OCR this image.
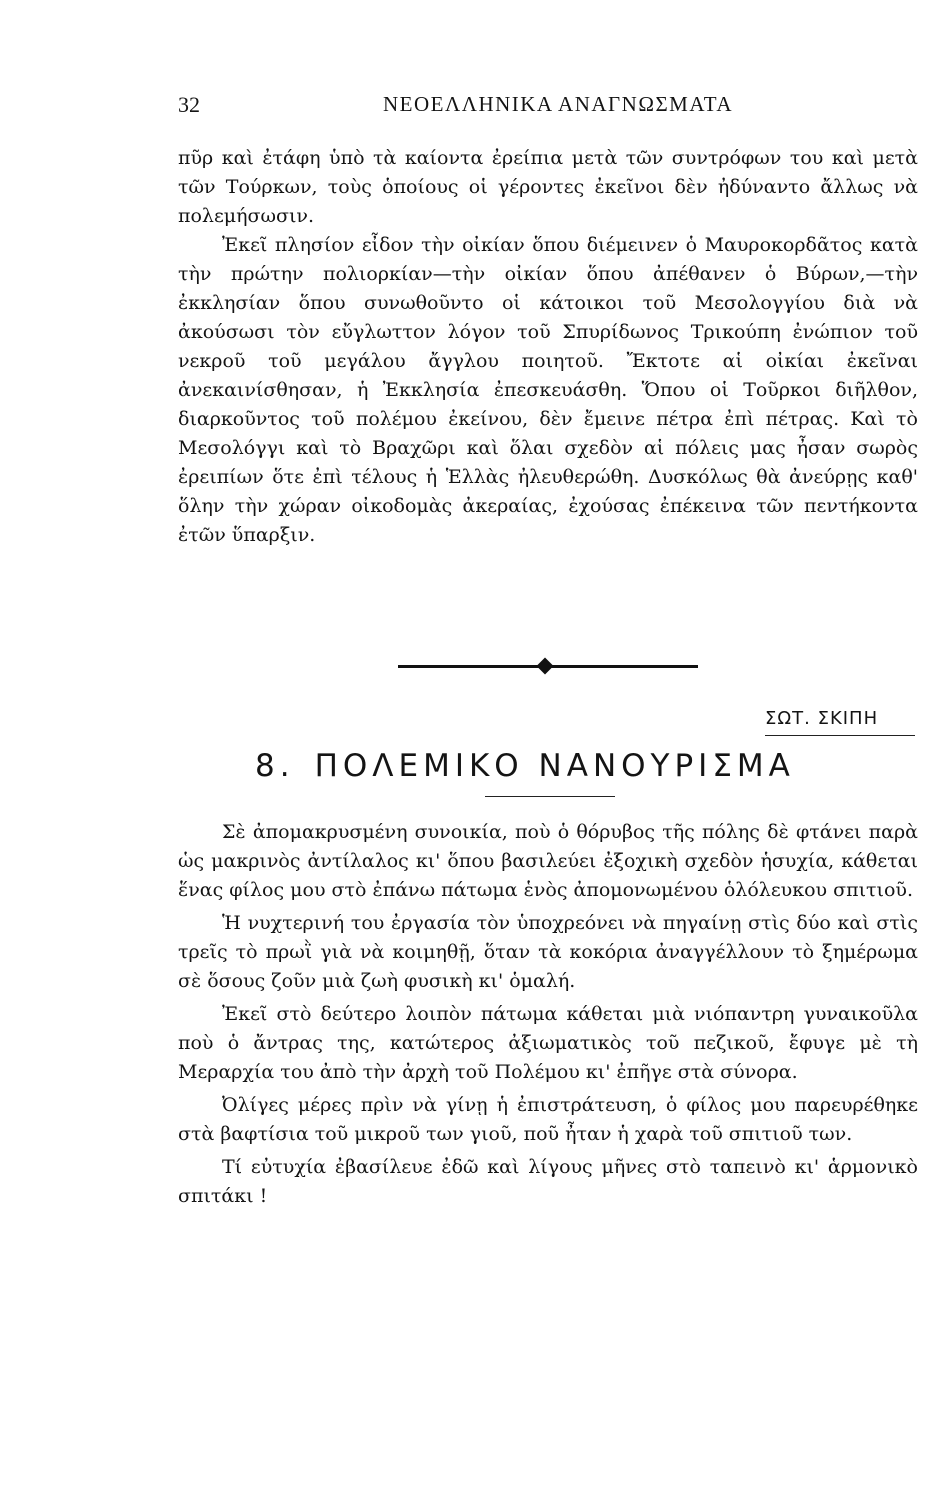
32	ΝΕΟΕΛΛΗΝΙΚΑ ΑΝΑΓΝΩΣΜΑΤΑ

πῦρ καὶ ἐτάφη ὑπὸ τὰ καίοντα ἐρείπια μετὰ τῶν συντρόφων του καὶ μετὰ τῶν Τούρκων, τοὺς ὁποίους οἱ γέροντες ἐκεῖνοι δὲν ἠδύναντο ἄλλως νὰ πολεμήσωσιν.

Ἐκεῖ πλησίον εἶδον τὴν οἰκίαν ὅπου διέμεινεν ὁ Μαυροκορδᾶτος κατὰ τὴν πρώτην πολιορκίαν—τὴν οἰκίαν ὅπου ἀπέθανεν ὁ Βύρων,—τὴν ἐκκλησίαν ὅπου συνωθοῦντο οἱ κάτοικοι τοῦ Μεσολογγίου διὰ νὰ ἀκούσωσι τὸν εὔγλωττον λόγον τοῦ Σπυρίδωνος Τρικούπη ἐνώπιον τοῦ νεκροῦ τοῦ μεγάλου ἄγγλου ποιητοῦ. Ἔκτοτε αἱ οἰκίαι ἐκεῖναι ἀνεκαινίσθησαν, ἡ Ἐκκλησία ἐπεσκευάσθη. Ὅπου οἱ Τοῦρκοι διῆλθον, διαρκοῦντος τοῦ πολέμου ἐκείνου, δὲν ἔμεινε πέτρα ἐπὶ πέτρας. Καὶ τὸ Μεσολόγγι καὶ τὸ Βραχῶρι καὶ ὅλαι σχεδὸν αἱ πόλεις μας ἦσαν σωρὸς ἐρειπίων ὅτε ἐπὶ τέλους ἡ Ἑλλὰς ἠλευθερώθη. Δυσκόλως θὰ ἀνεύρῃς καθ' ὅλην τὴν χώραν οἰκοδομὰς ἀκεραίας, ἐχούσας ἐπέκεινα τῶν πεντήκοντα ἐτῶν ὕπαρξιν.

ΣΩΤ. ΣΚΙΠΗ
8. ΠΟΛΕΜΙΚΟ ΝΑΝΟΥΡΙΣΜΑ

Σὲ ἀπομακρυσμένη συνοικία, ποὺ ὁ θόρυβος τῆς πόλης δὲ φτάνει παρὰ ὡς μακρινὸς ἀντίλαλος κι' ὅπου βασιλεύει ἐξοχικὴ σχεδὸν ἡσυχία, κάθεται ἕνας φίλος μου στὸ ἐπάνω πάτωμα ἑνὸς ἀπομονωμένου ὁλόλευκου σπιτιοῦ.

Ἡ νυχτερινή του ἐργασία τὸν ὑποχρεόνει νὰ πηγαίνῃ στὶς δύο καὶ στὶς τρεῖς τὸ πρωῒ γιὰ νὰ κοιμηθῇ, ὅταν τὰ κοκόρια ἀναγγέλλουν τὸ ξημέρωμα σὲ ὅσους ζοῦν μιὰ ζωὴ φυσικὴ κι' ὁμαλή.

Ἐκεῖ στὸ δεύτερο λοιπὸν πάτωμα κάθεται μιὰ νιόπαντρη γυναικοῦλα ποὺ ὁ ἄντρας της, κατώτερος ἀξιωματικὸς τοῦ πεζικοῦ, ἔφυγε μὲ τὴ Μεραρχία του ἀπὸ τὴν ἀρχὴ τοῦ Πολέμου κι' ἐπῆγε στὰ σύνορα.

Ὀλίγες μέρες πρὶν νὰ γίνῃ ἡ ἐπιστράτευση, ὁ φίλος μου παρευρέθηκε στὰ βαφτίσια τοῦ μικροῦ των γιοῦ, ποῦ ἦταν ἡ χαρὰ τοῦ σπιτιοῦ των.

Τί εὐτυχία ἐβασίλευε ἐδῶ καὶ λίγους μῆνες στὸ ταπεινὸ κι' ἁρμονικὸ σπιτάκι !
